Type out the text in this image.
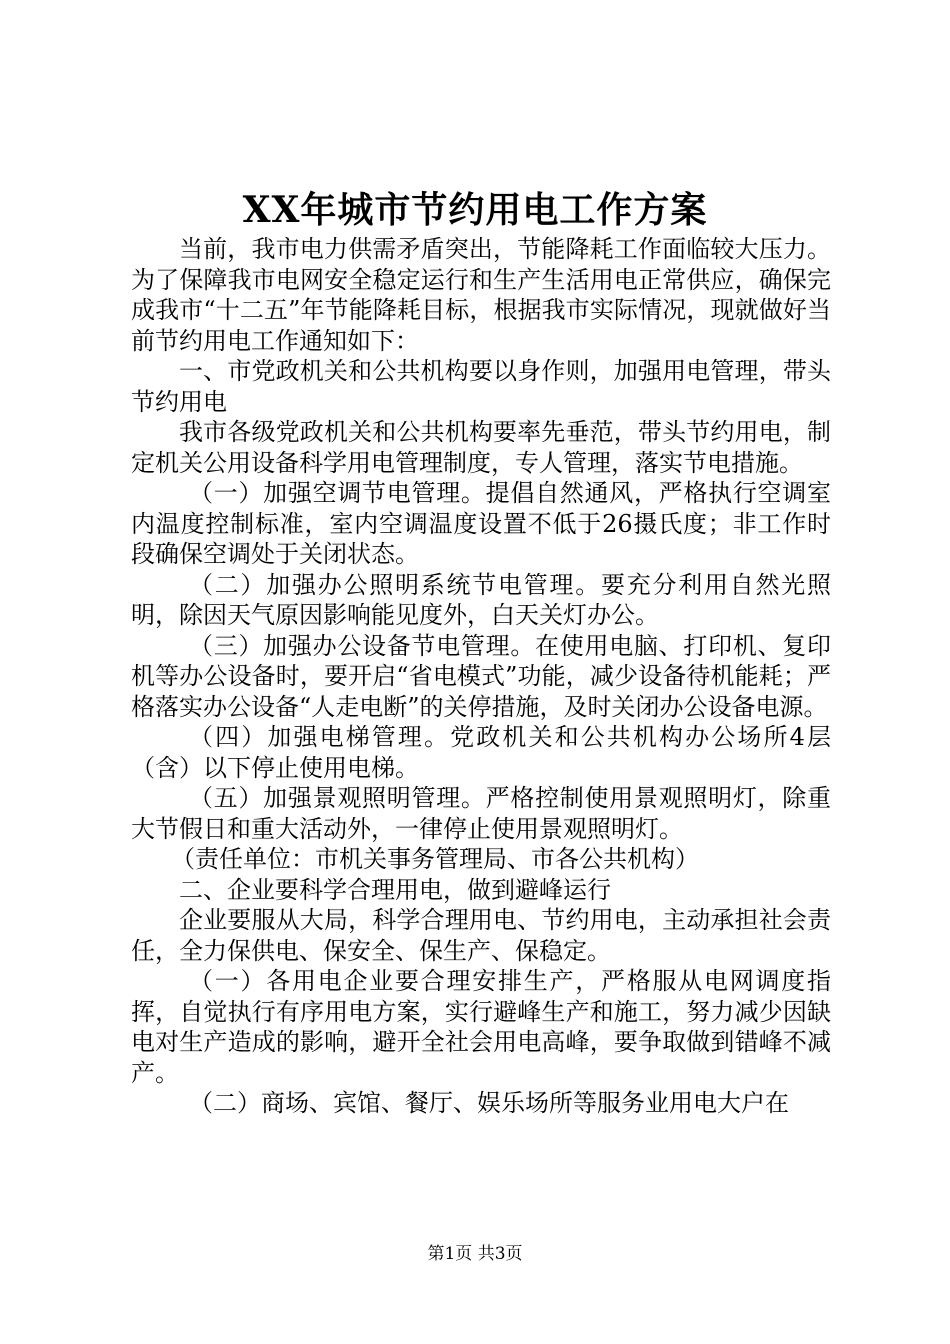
XX年城市节约用电工作方案

当前，我市电力供需矛盾突出，节能降耗工作面临较大压力。为了保障我市电网安全稳定运行和生产生活用电正常供应，确保完成我市“十二五”年节能降耗目标，根据我市实际情况，现就做好当前节约用电工作通知如下：

一、市党政机关和公共机构要以身作则，加强用电管理，带头节约用电

我市各级党政机关和公共机构要率先垂范，带头节约用电，制定机关公用设备科学用电管理制度，专人管理，落实节电措施。

（一）加强空调节电管理。提倡自然通风，严格执行空调室内温度控制标准，室内空调温度设置不低于26摄氏度；非工作时段确保空调处于关闭状态。

（二）加强办公照明系统节电管理。要充分利用自然光照明，除因天气原因影响能见度外，白天关灯办公。

（三）加强办公设备节电管理。在使用电脑、打印机、复印机等办公设备时，要开启“省电模式”功能，减少设备待机能耗；严格落实办公设备“人走电断”的关停措施，及时关闭办公设备电源。

（四）加强电梯管理。党政机关和公共机构办公场所4层（含）以下停止使用电梯。

（五）加强景观照明管理。严格控制使用景观照明灯，除重大节假日和重大活动外，一律停止使用景观照明灯。

（责任单位：市机关事务管理局、市各公共机构）

二、企业要科学合理用电，做到避峰运行

企业要服从大局，科学合理用电、节约用电，主动承担社会责任，全力保供电、保安全、保生产、保稳定。

（一）各用电企业要合理安排生产，严格服从电网调度指挥，自觉执行有序用电方案，实行避峰生产和施工，努力减少因缺电对生产造成的影响，避开全社会用电高峰，要争取做到错峰不减产。

（二）商场、宾馆、餐厅、娱乐场所等服务业用电大户在

第1页 共3页
